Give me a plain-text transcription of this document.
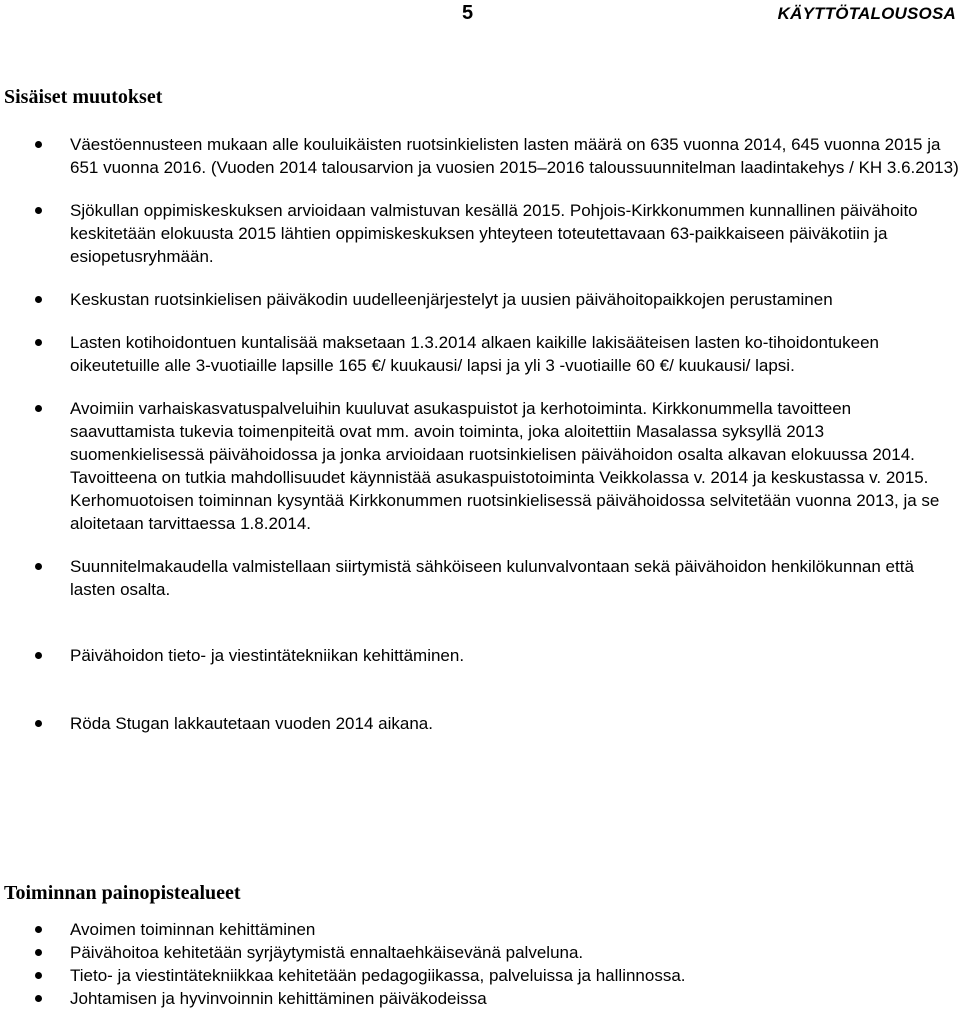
5	KÄYTTÖTALOUSOSA
Sisäiset muutokset
Väestöennusteen mukaan alle kouluikäisten ruotsinkielisten lasten määrä on 635 vuonna 2014, 645 vuonna 2015 ja 651 vuonna 2016. (Vuoden 2014 talousarvion ja vuosien 2015–2016 taloussuunnitelman laadintakehys / KH 3.6.2013)
Sjökullan oppimiskeskuksen arvioidaan valmistuvan kesällä 2015. Pohjois-Kirkkonummen kunnallinen päivähoito keskitetään elokuusta 2015 lähtien oppimiskeskuksen yhteyteen toteutettavaan 63-paikkaiseen päiväkotiin ja esiopetusryhmään.
Keskustan ruotsinkielisen päiväkodin uudelleenjärjestelyt ja uusien päivähoitopaikkojen perustaminen
Lasten kotihoidontuen kuntalisää maksetaan 1.3.2014 alkaen kaikille lakisääteisen lasten ko-tihoidontukeen oikeutetuille alle 3-vuotiaille lapsille 165 €/ kuukausi/ lapsi ja yli 3 -vuotiaille 60 €/ kuukausi/ lapsi.
Avoimiin varhaiskasvatuspalveluihin kuuluvat asukaspuistot ja kerhotoiminta. Kirkkonummella tavoitteen saavuttamista tukevia toimenpiteitä ovat mm. avoin toiminta, joka aloitettiin Masalassa syksyllä 2013 suomenkielisessä päivähoidossa ja jonka arvioidaan ruotsinkielisen päivähoidon osalta alkavan elokuussa 2014. Tavoitteena on tutkia mahdollisuudet käynnistää asukaspuistotoiminta Veikkolassa v. 2014 ja keskustassa v. 2015. Kerhomuotoisen toiminnan kysyntää Kirkkonummen ruotsinkielisessä päivähoidossa selvitetään vuonna 2013, ja se aloitetaan tarvittaessa 1.8.2014.
Suunnitelmakaudella valmistellaan siirtymistä sähköiseen kulunvalvontaan sekä päivähoidon henkilökunnan että lasten osalta.
Päivähoidon tieto- ja viestintätekniikan kehittäminen.
Röda Stugan lakkautetaan vuoden 2014 aikana.
Toiminnan painopistealueet
Avoimen toiminnan kehittäminen
Päivähoitoa kehitetään syrjäytymistä ennaltaehkäisevänä palveluna.
Tieto- ja viestintätekniikkaa kehitetään pedagogiikassa, palveluissa ja hallinnossa.
Johtamisen ja hyvinvoinnin kehittäminen päiväkodeissa
